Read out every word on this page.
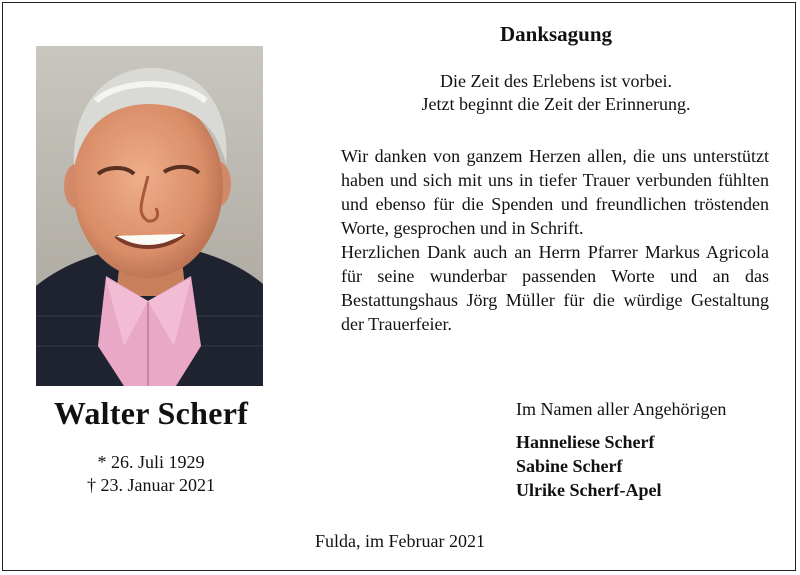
Walter Scherf
* 26. Juli 1929
† 23. Januar 2021
Danksagung
Die Zeit des Erlebens ist vorbei.
Jetzt beginnt die Zeit der Erinnerung.

Wir danken von ganzem Herzen allen, die uns unterstützt haben und sich mit uns in tiefer Trauer verbunden fühlten und ebenso für die Spenden und freundlichen tröstenden Worte, gesprochen und in Schrift.

Herzlichen Dank auch an Herrn Pfarrer Markus Agricola für seine wunderbar passenden Worte und an das Bestattungshaus Jörg Müller für die würdige Gestaltung der Trauerfeier.

Im Namen aller Angehörigen
Hanneliese Scherf
Sabine Scherf
Ulrike Scherf-Apel
Fulda, im Februar 2021
